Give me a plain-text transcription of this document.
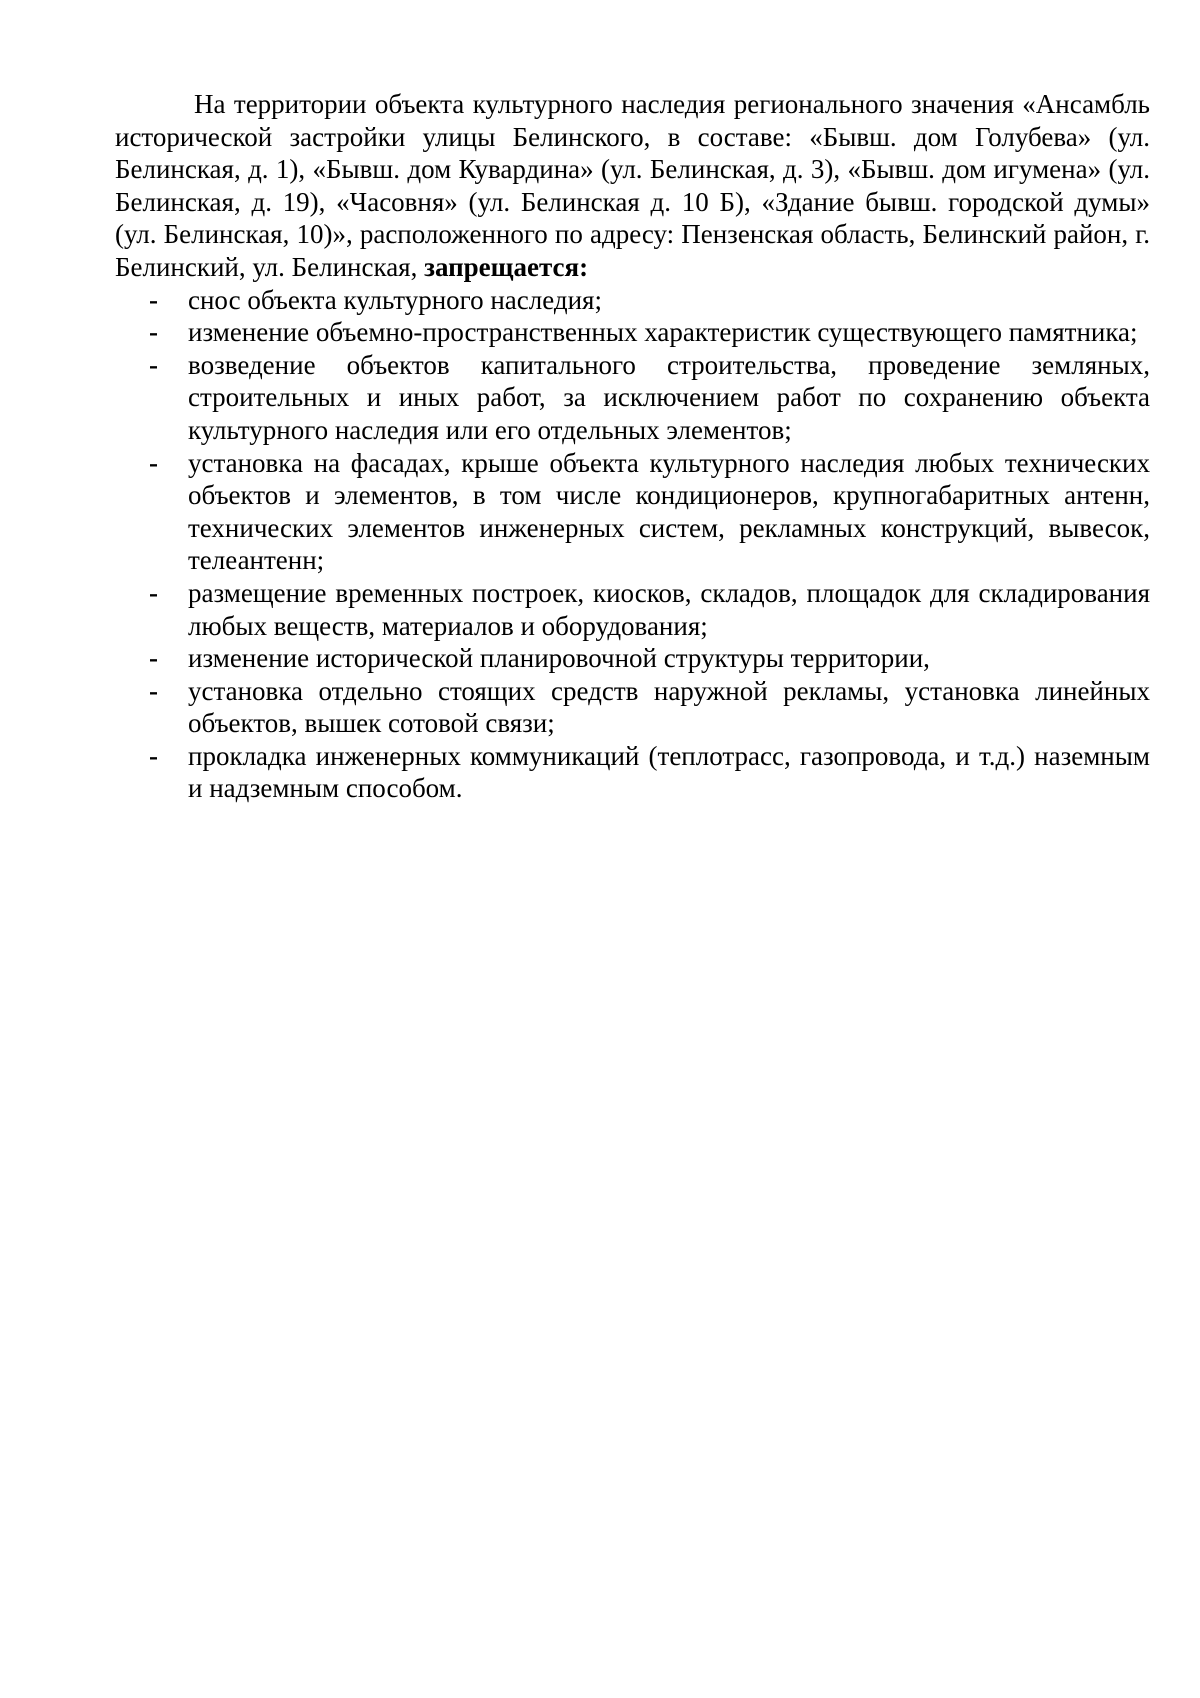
На территории объекта культурного наследия регионального значения «Ансамбль исторической застройки улицы Белинского, в составе: «Бывш. дом Голубева» (ул. Белинская, д. 1), «Бывш. дом Кувардина» (ул. Белинская, д. 3), «Бывш. дом игумена» (ул. Белинская, д. 19), «Часовня» (ул. Белинская д. 10 Б), «Здание бывш. городской думы» (ул. Белинская, 10)», расположенного по адресу: Пензенская область, Белинский район, г. Белинский, ул. Белинская, запрещается:

- снос объекта культурного наследия;
- изменение объемно-пространственных характеристик существующего памятника;
- возведение объектов капитального строительства, проведение земляных, строительных и иных работ, за исключением работ по сохранению объекта культурного наследия или его отдельных элементов;
- установка на фасадах, крыше объекта культурного наследия любых технических объектов и элементов, в том числе кондиционеров, крупногабаритных антенн, технических элементов инженерных систем, рекламных конструкций, вывесок, телеантенн;
- размещение временных построек, киосков, складов, площадок для складирования любых веществ, материалов и оборудования;
- изменение исторической планировочной структуры территории,
- установка отдельно стоящих средств наружной рекламы, установка линейных объектов, вышек сотовой связи;
- прокладка инженерных коммуникаций (теплотрасс, газопровода, и т.д.) наземным и надземным способом.
